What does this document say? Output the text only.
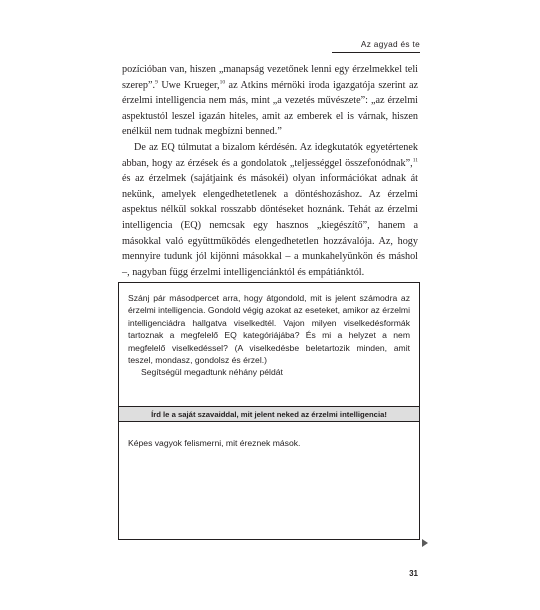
Az agyad és te

pozícióban van, hiszen „manapság vezetőnek lenni egy érzelmekkel teli szerep”.$^9$ Uwe Krueger,$^{10}$ az Atkins mérnöki iroda igazgatója szerint az érzelmi intelligencia nem más, mint „a vezetés művészete”: „az érzelmi aspektustól leszel igazán hiteles, amit az emberek el is várnak, hiszen enélkül nem tudnak megbízni benned.”

De az EQ túlmutat a bizalom kérdésén. Az idegkutatók egyetértenek abban, hogy az érzések és a gondolatok „teljességgel összefonódnak”,$^{11}$ és az érzelmek (sajátjaink és másokéi) olyan információkat adnak át nekünk, amelyek elengedhetetlenek a döntéshozáshoz. Az érzelmi aspektus nélkül sokkal rosszabb döntéseket hoznánk. Tehát az érzelmi intelligencia (EQ) nemcsak egy hasznos „kiegészítő”, hanem a másokkal való együttműködés elengedhetetlen hozzávalója. Az, hogy mennyire tudunk jól kijönni másokkal – a munkahelyünkön és máshol –, nagyban függ érzelmi intelligenciánktól és empátiánktól.

Szánj pár másodpercet arra, hogy átgondold, mit is jelent számodra az érzelmi intelligencia. Gondold végig azokat az eseteket, amikor az érzelmi intelligenciádra hallgatva viselkedtél. Vajon milyen viselkedésformák tartoznak a megfelelő EQ kategóriájába? És mi a helyzet a nem megfelelő viselkedéssel? (A viselkedésbe beletartozik minden, amit teszel, mondasz, gondolsz és érzel.)

Segítségül megadtunk néhány példát

Írd le a saját szavaiddal, mit jelent neked az érzelmi intelligencia!
Képes vagyok felismerni, mit éreznek mások.
31
